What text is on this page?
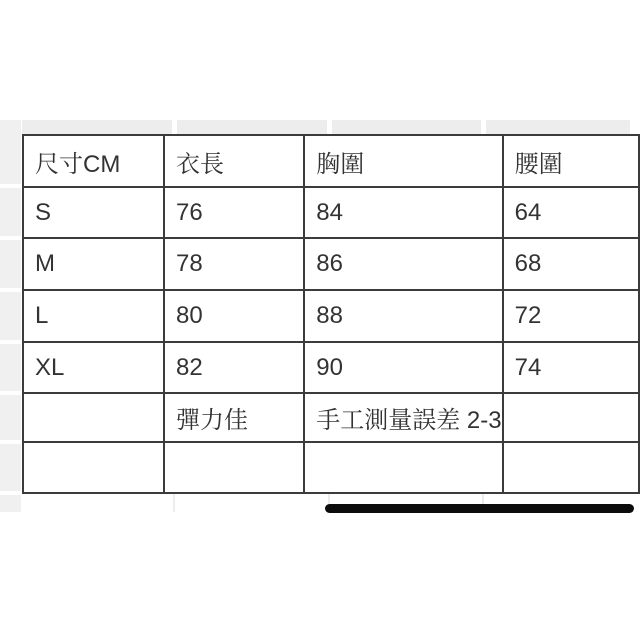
尺寸CM	衣長	胸圍	腰圍
S	76	84	64
M	78	86	68
L	80	88	72
XL	82	90	74
	彈力佳	手工測量誤差 2-3	
